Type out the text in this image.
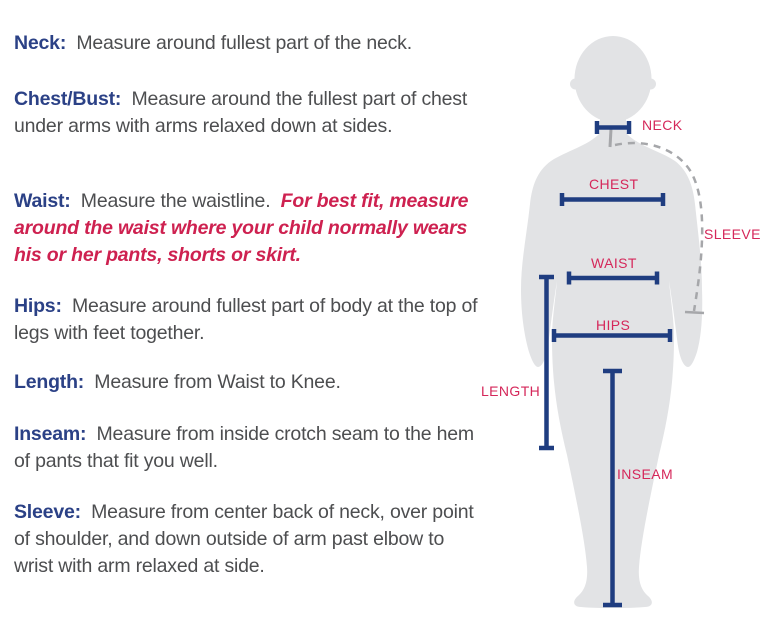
Neck: Measure around fullest part of the neck.
Chest/Bust: Measure around the fullest part of chest under arms with arms relaxed down at sides.
Waist: Measure the waistline. For best fit, measure around the waist where your child normally wears his or her pants, shorts or skirt.
Hips: Measure around fullest part of body at the top of legs with feet together.
Length: Measure from Waist to Knee.
Inseam: Measure from inside crotch seam to the hem of pants that fit you well.
Sleeve: Measure from center back of neck, over point of shoulder, and down outside of arm past elbow to wrist with arm relaxed at side.
NECK
CHEST
WAIST
HIPS
SLEEVE
LENGTH
INSEAM
